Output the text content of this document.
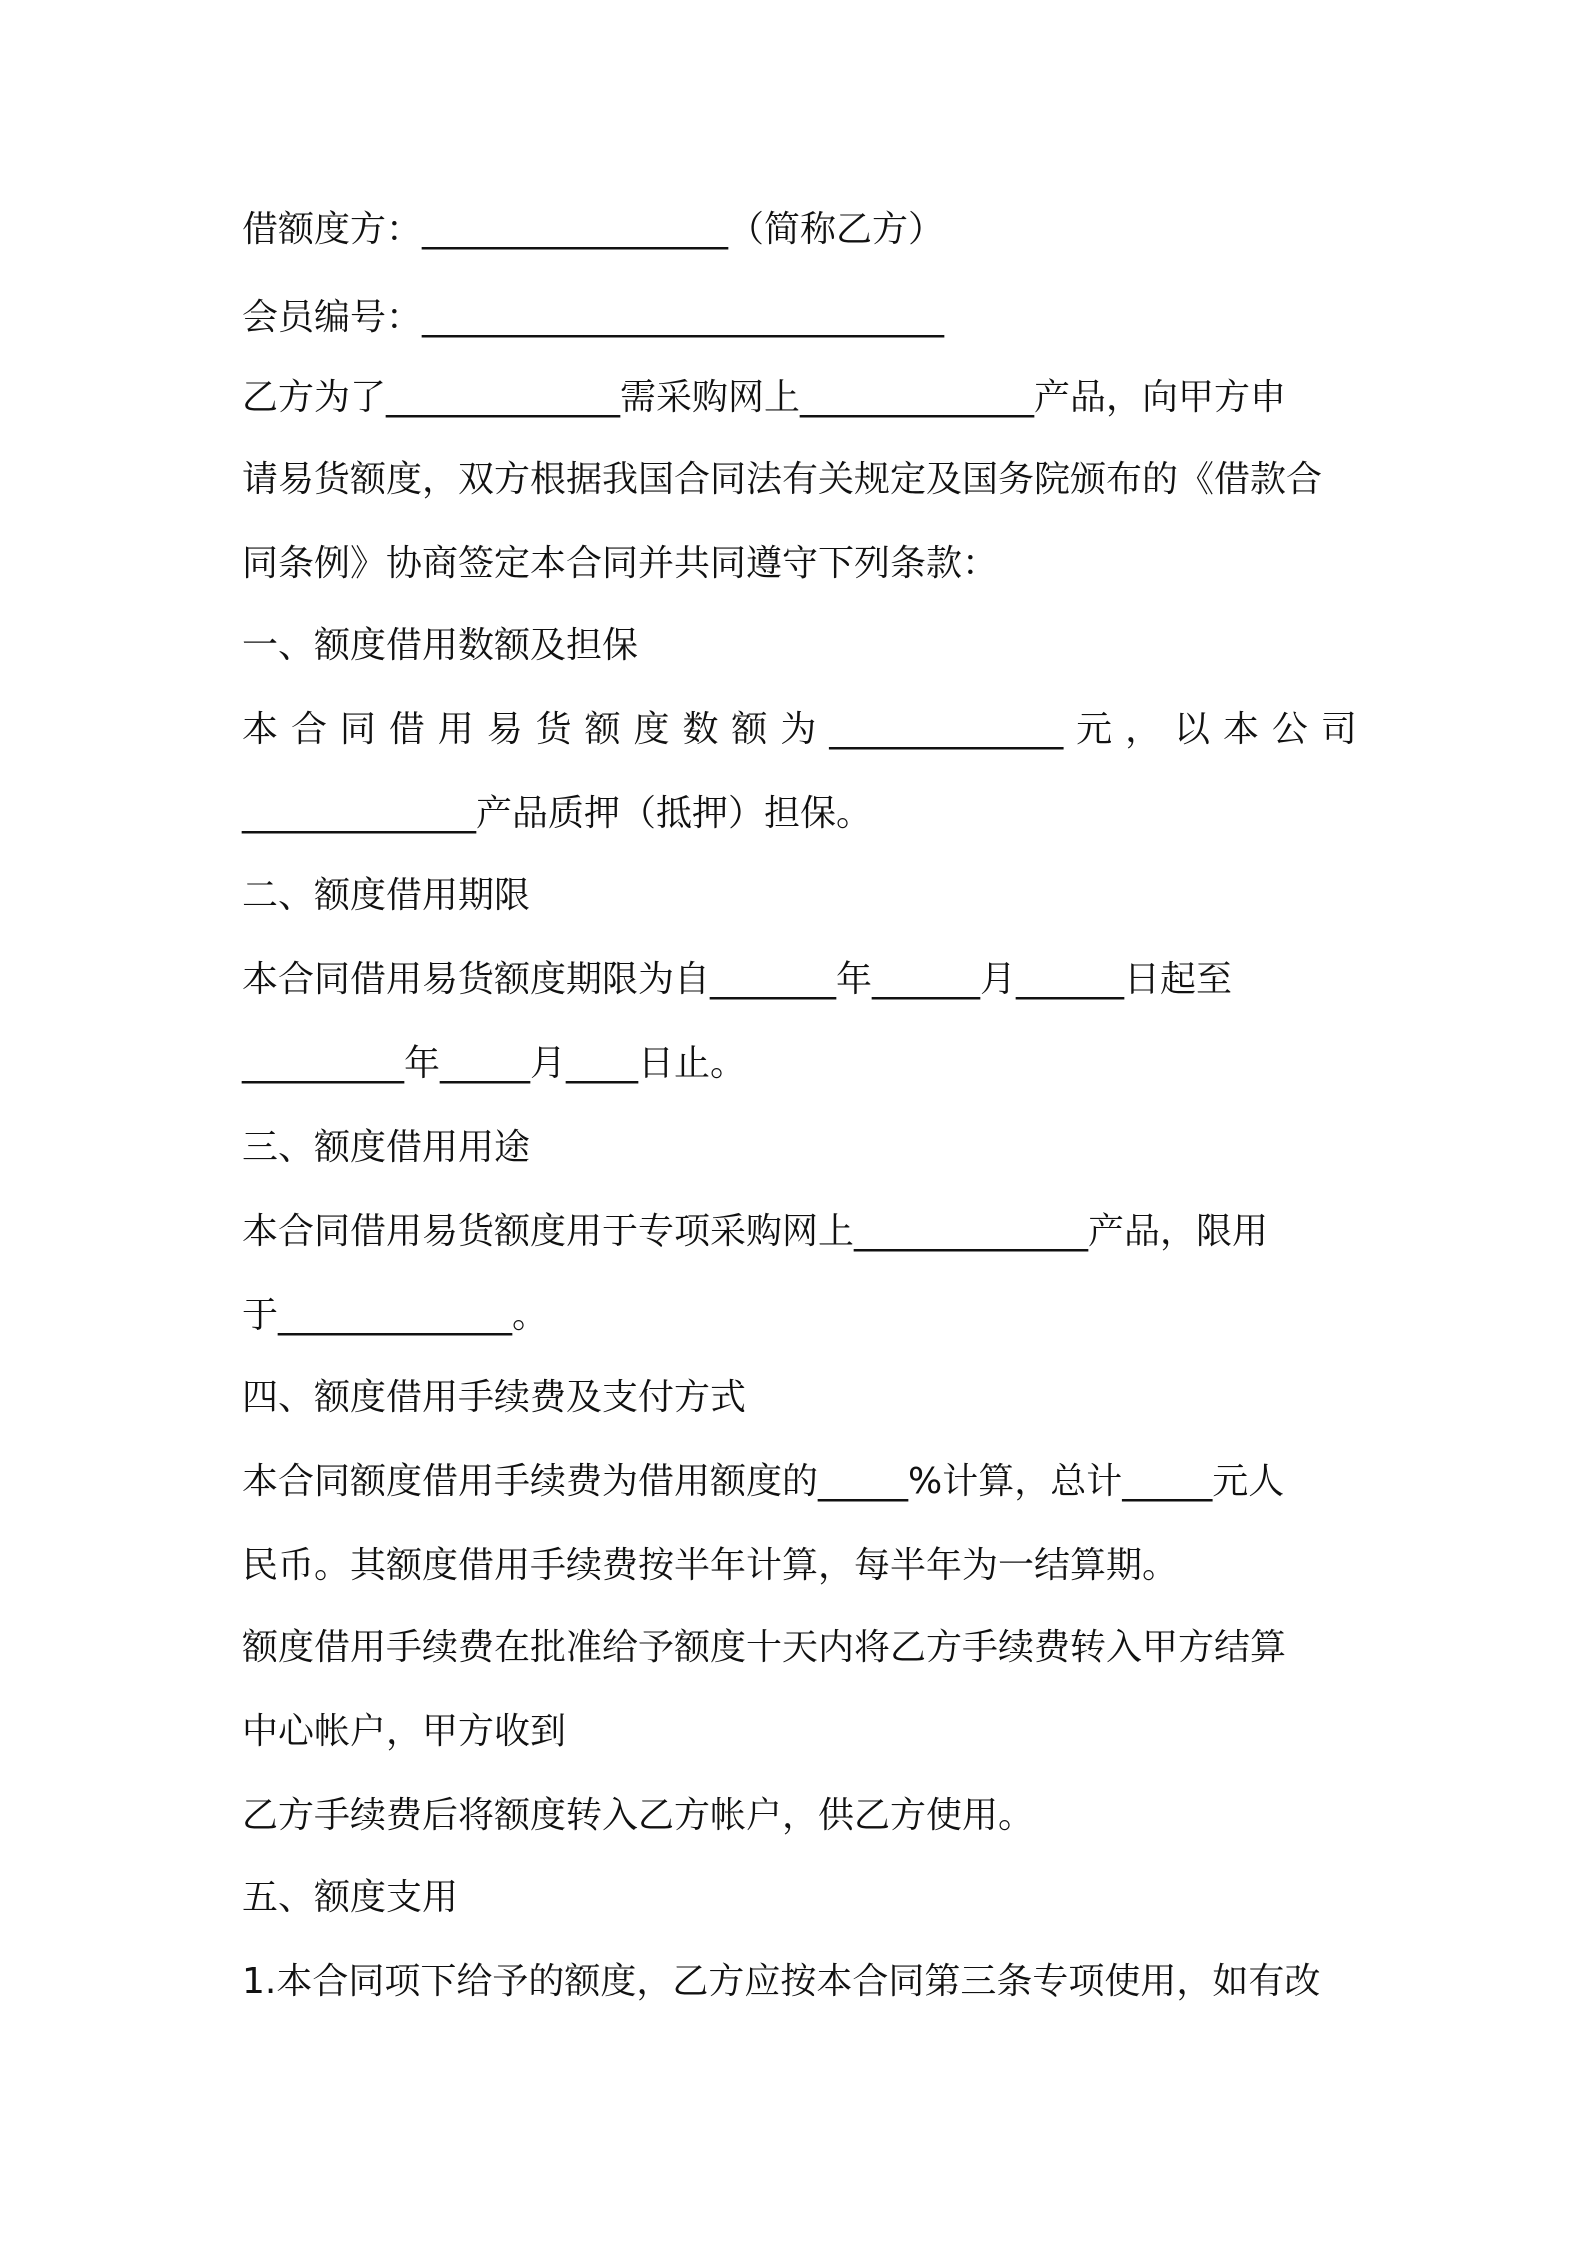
借额度方：_________________（简称乙方）

会员编号：_____________________________

乙方为了_____________需采购网上_____________产品，向甲方申

请易货额度，双方根据我国合同法有关规定及国务院颁布的《借款合

同条例》协商签定本合同并共同遵守下列条款：

一、额度借用数额及担保

本 合 同 借 用 易 货 额 度 数 额 为 _____________ 元 ， 以 本 公 司

_____________产品质押（抵押）担保。

二、额度借用期限

本合同借用易货额度期限为自_______年______月______日起至

_________年_____月____日止。

三、额度借用用途

本合同借用易货额度用于专项采购网上_____________产品，限用

于_____________。

四、额度借用手续费及支付方式

本合同额度借用手续费为借用额度的_____%计算，总计_____元人

民币。其额度借用手续费按半年计算，每半年为一结算期。

额度借用手续费在批准给予额度十天内将乙方手续费转入甲方结算

中心帐户，甲方收到

乙方手续费后将额度转入乙方帐户，供乙方使用。

五、额度支用

1.本合同项下给予的额度，乙方应按本合同第三条专项使用，如有改
